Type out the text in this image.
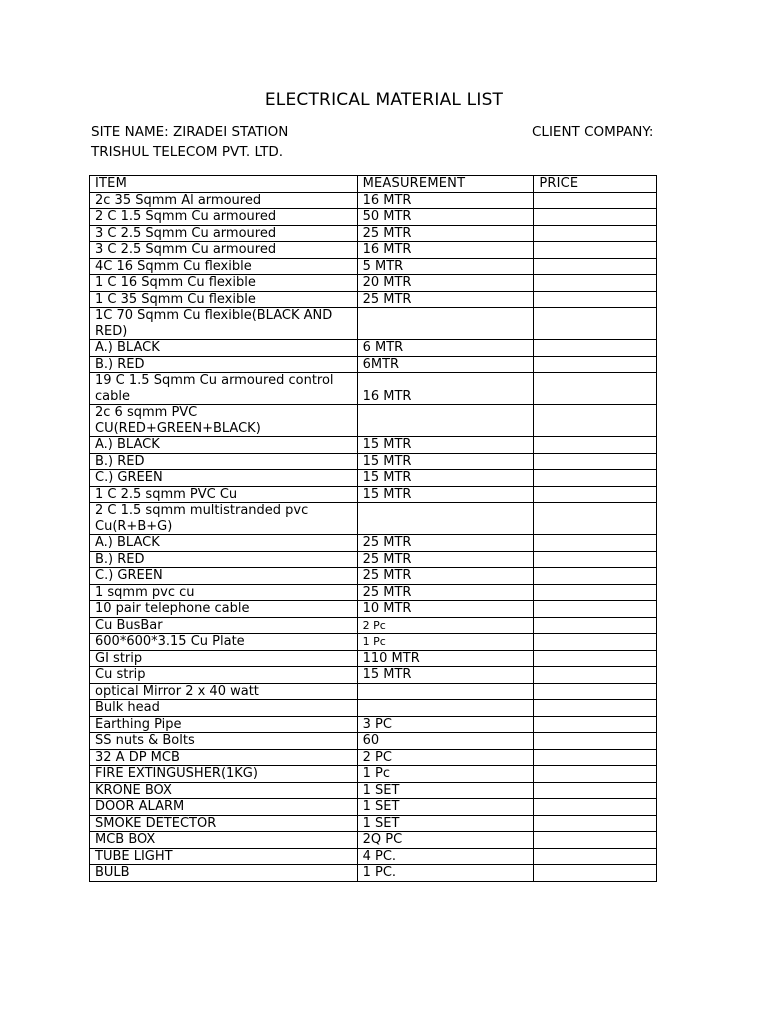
ELECTRICAL MATERIAL LIST
SITE NAME: ZIRADEI STATION	CLIENT COMPANY:
TRISHUL TELECOM PVT. LTD.
ITEM	MEASUREMENT	PRICE
2c 35 Sqmm Al armoured	16 MTR	
2 C 1.5 Sqmm Cu armoured	50 MTR	
3 C 2.5 Sqmm Cu armoured	25 MTR	
3 C 2.5 Sqmm Cu armoured	16 MTR	
4C 16 Sqmm Cu flexible	5 MTR	
1 C 16 Sqmm Cu flexible	20 MTR	
1 C 35 Sqmm Cu flexible	25 MTR	
1C 70 Sqmm Cu flexible(BLACK AND RED)		
A.) BLACK	6 MTR	
B.) RED	6MTR	
19 C 1.5 Sqmm Cu armoured control cable	16 MTR	
2c 6 sqmm PVC CU(RED+GREEN+BLACK)		
A.) BLACK	15 MTR	
B.) RED	15 MTR	
C.) GREEN	15 MTR	
1 C 2.5 sqmm PVC Cu	15 MTR	
2 C 1.5 sqmm multistranded pvc Cu(R+B+G)		
A.) BLACK	25 MTR	
B.) RED	25 MTR	
C.) GREEN	25 MTR	
1 sqmm pvc cu	25 MTR	
10 pair telephone cable	10 MTR	
Cu BusBar	2 Pc	
600*600*3.15 Cu Plate	1 Pc	
GI strip	110 MTR	
Cu strip	15 MTR	
optical Mirror 2 x 40 watt		
Bulk head		
Earthing Pipe	3 PC	
SS nuts & Bolts	60	
32 A DP MCB	2 PC	
FIRE EXTINGUSHER(1KG)	1 Pc	
KRONE BOX	1 SET	
DOOR ALARM	1 SET	
SMOKE DETECTOR	1 SET	
MCB BOX	2Q PC	
TUBE LIGHT	4 PC.	
BULB	1 PC.	
